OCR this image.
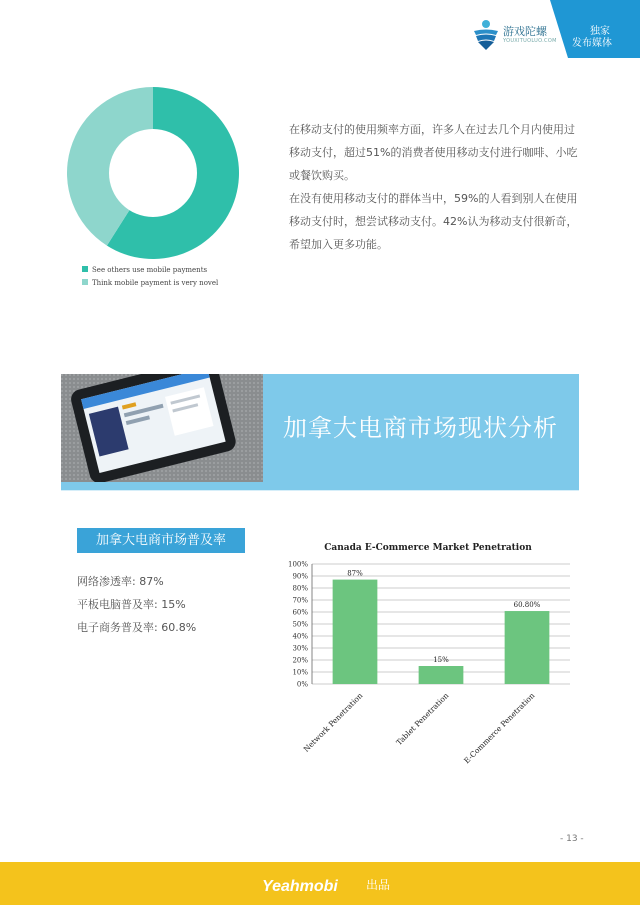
游戏陀螺
YOUXITUOLUO.COM
独家
发布媒体
See others use mobile payments
Think mobile payment is very novel

在移动支付的使用频率方面，许多人在过去几个月内使用过移动支付，超过51%的消费者使用移动支付进行咖啡、小吃或餐饮购买。

在没有使用移动支付的群体当中，59%的人看到别人在使用移动支付时，想尝试移动支付。42%认为移动支付很新奇，希望加入更多功能。

加拿大电商市场现状分析
加拿大电商市场普及率
网络渗透率: 87%
平板电脑普及率: 15%
电子商务普及率: 60.8%
Canada E-Commerce Market Penetration
0%
10%
20%
30%
40%
50%
60%
70%
80%
90%
100%
87%
Network Penetration
15%
Tablet Penetration
60.80%
E-Commerce Penetration
- 13 -
Yeahmobi 出品
